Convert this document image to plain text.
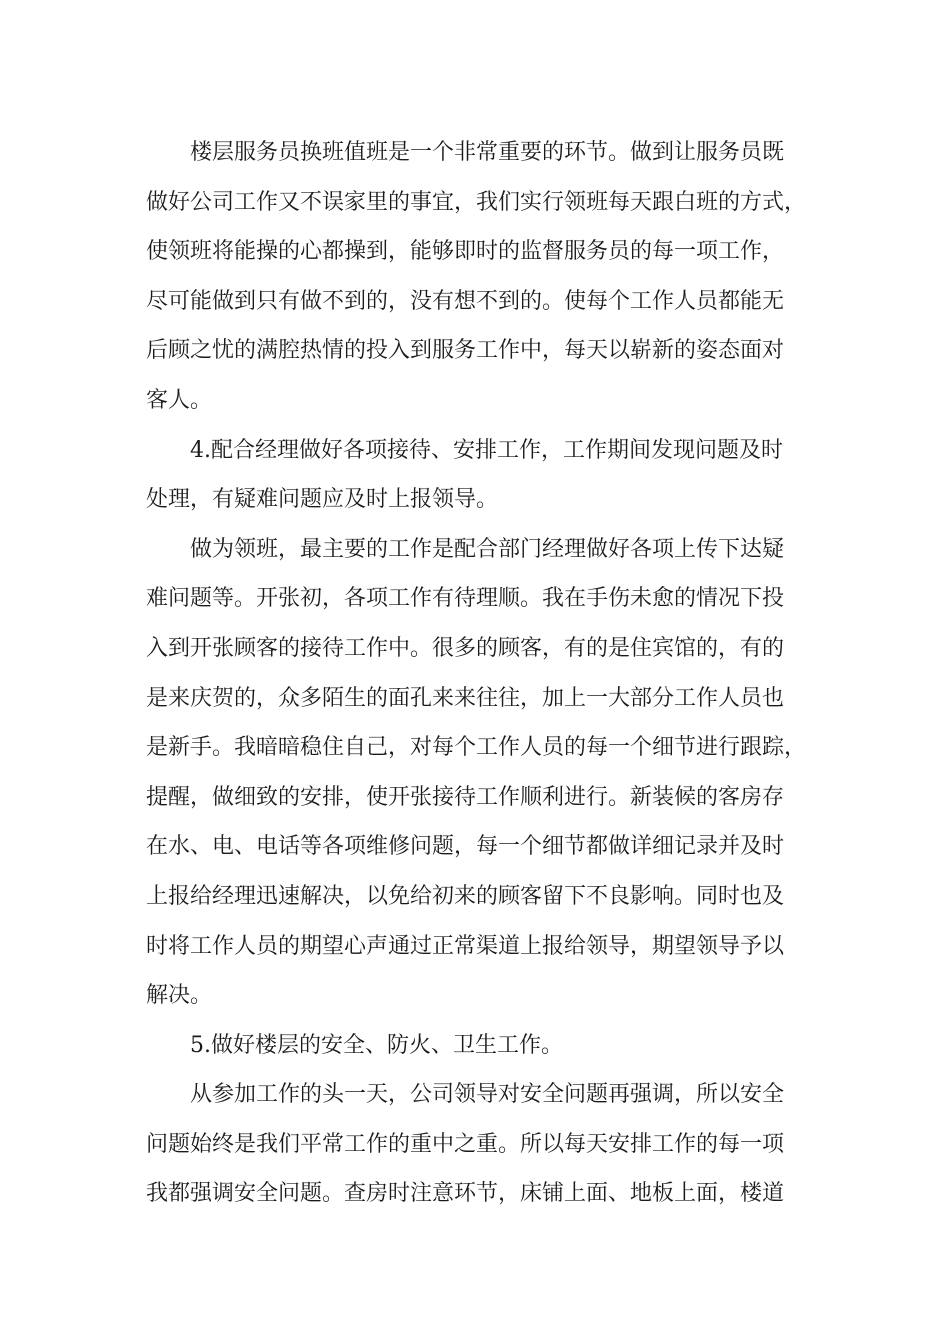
楼层服务员换班值班是一个非常重要的环节。做到让服务员既
做好公司工作又不误家里的事宜，我们实行领班每天跟白班的方式，
使领班将能操的心都操到，能够即时的监督服务员的每一项工作，
尽可能做到只有做不到的，没有想不到的。使每个工作人员都能无
后顾之忧的满腔热情的投入到服务工作中，每天以崭新的姿态面对
客人。
4.配合经理做好各项接待、安排工作，工作期间发现问题及时
处理，有疑难问题应及时上报领导。
做为领班，最主要的工作是配合部门经理做好各项上传下达疑
难问题等。开张初，各项工作有待理顺。我在手伤未愈的情况下投
入到开张顾客的接待工作中。很多的顾客，有的是住宾馆的，有的
是来庆贺的，众多陌生的面孔来来往往，加上一大部分工作人员也
是新手。我暗暗稳住自己，对每个工作人员的每一个细节进行跟踪，
提醒，做细致的安排，使开张接待工作顺利进行。新装候的客房存
在水、电、电话等各项维修问题，每一个细节都做详细记录并及时
上报给经理迅速解决，以免给初来的顾客留下不良影响。同时也及
时将工作人员的期望心声通过正常渠道上报给领导，期望领导予以
解决。
5.做好楼层的安全、防火、卫生工作。
从参加工作的头一天，公司领导对安全问题再强调，所以安全
问题始终是我们平常工作的重中之重。所以每天安排工作的每一项
我都强调安全问题。查房时注意环节，床铺上面、地板上面，楼道
